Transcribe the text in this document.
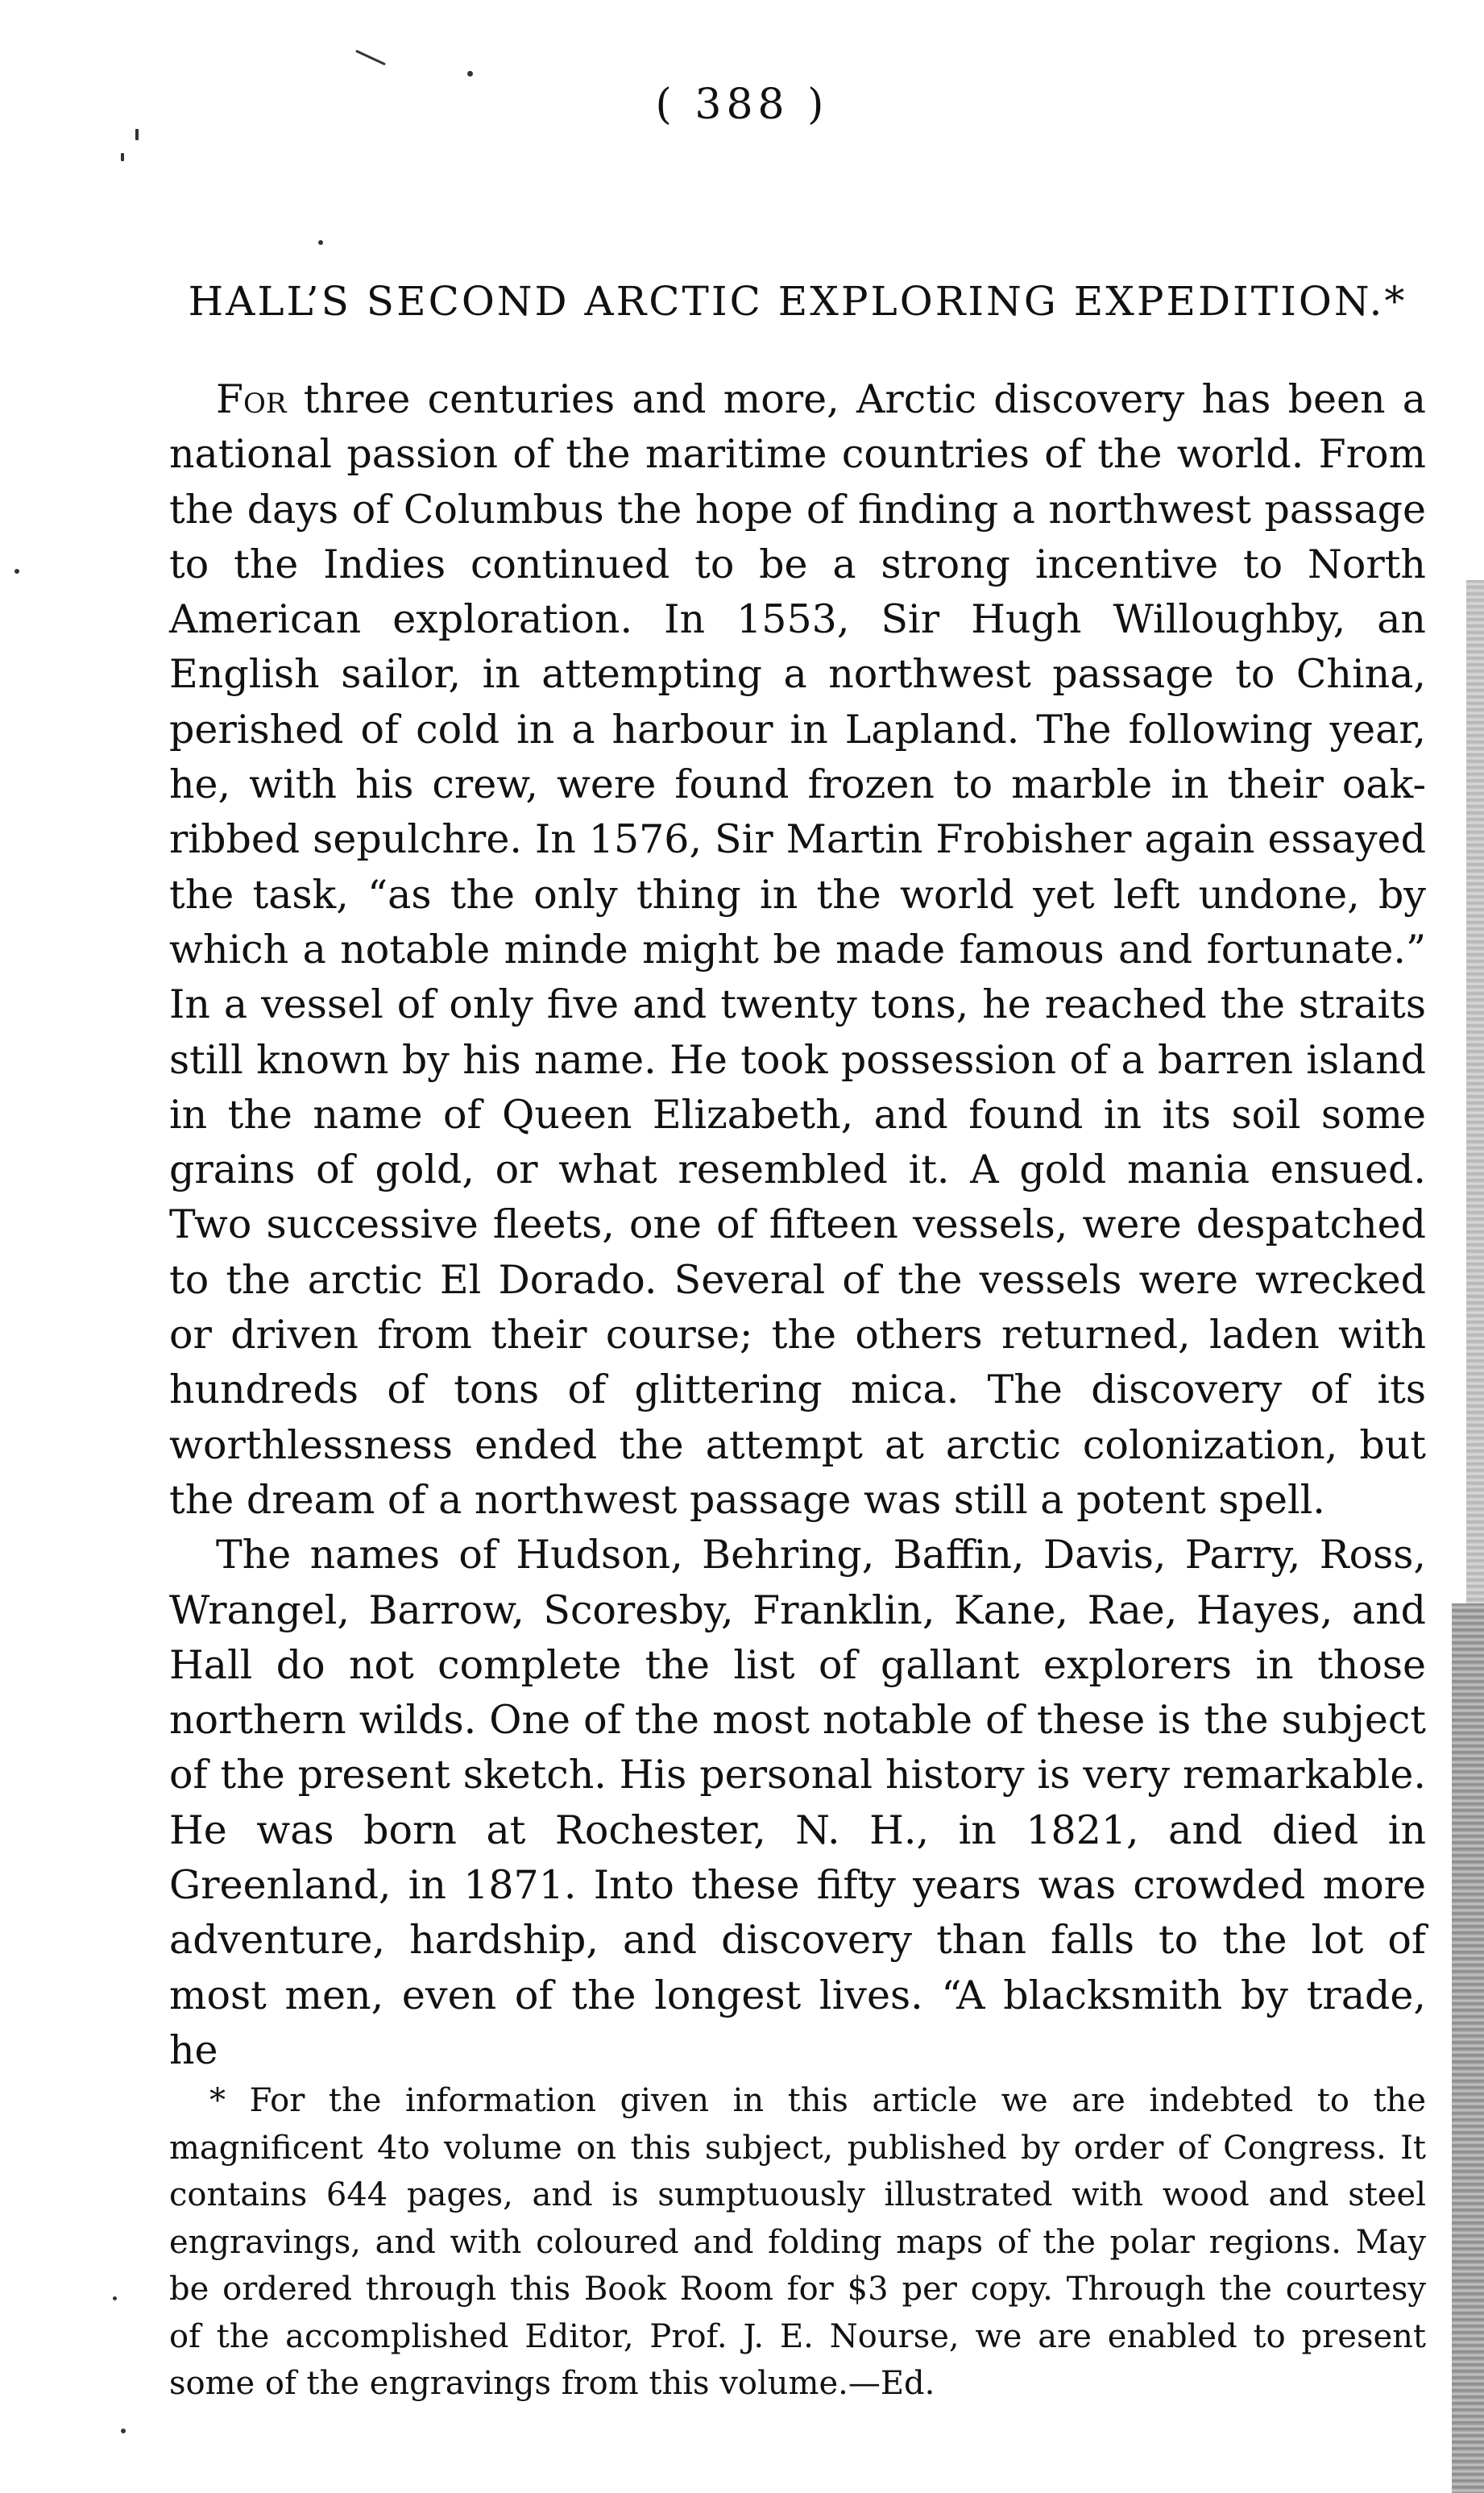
( 388 )
HALL’S SECOND ARCTIC EXPLORING EXPEDITION.*

For three centuries and more, Arctic discovery has been a national passion of the maritime countries of the world. From the days of Columbus the hope of finding a northwest passage to the Indies continued to be a strong incentive to North American exploration. In 1553, Sir Hugh Willoughby, an English sailor, in attempting a northwest passage to China, perished of cold in a harbour in Lapland. The following year, he, with his crew, were found frozen to marble in their oak-ribbed sepulchre. In 1576, Sir Martin Frobisher again essayed the task, “as the only thing in the world yet left undone, by which a notable minde might be made famous and fortunate.” In a vessel of only five and twenty tons, he reached the straits still known by his name. He took possession of a barren island in the name of Queen Elizabeth, and found in its soil some grains of gold, or what resembled it. A gold mania ensued. Two successive fleets, one of fifteen vessels, were despatched to the arctic El Dorado. Several of the vessels were wrecked or driven from their course; the others returned, laden with hundreds of tons of glittering mica. The discovery of its worthlessness ended the attempt at arctic colonization, but the dream of a northwest passage was still a potent spell.

The names of Hudson, Behring, Baffin, Davis, Parry, Ross, Wrangel, Barrow, Scoresby, Franklin, Kane, Rae, Hayes, and Hall do not complete the list of gallant explorers in those northern wilds. One of the most notable of these is the subject of the present sketch. His personal history is very remarkable. He was born at Rochester, N. H., in 1821, and died in Greenland, in 1871. Into these fifty years was crowded more adventure, hardship, and discovery than falls to the lot of most men, even of the longest lives. “A blacksmith by trade, he

* For the information given in this article we are indebted to the magnificent 4to volume on this subject, published by order of Congress. It contains 644 pages, and is sumptuously illustrated with wood and steel engravings, and with coloured and folding maps of the polar regions. May be ordered through this Book Room for $3 per copy. Through the courtesy of the accomplished Editor, Prof. J. E. Nourse, we are enabled to present some of the engravings from this volume.—Ed.
